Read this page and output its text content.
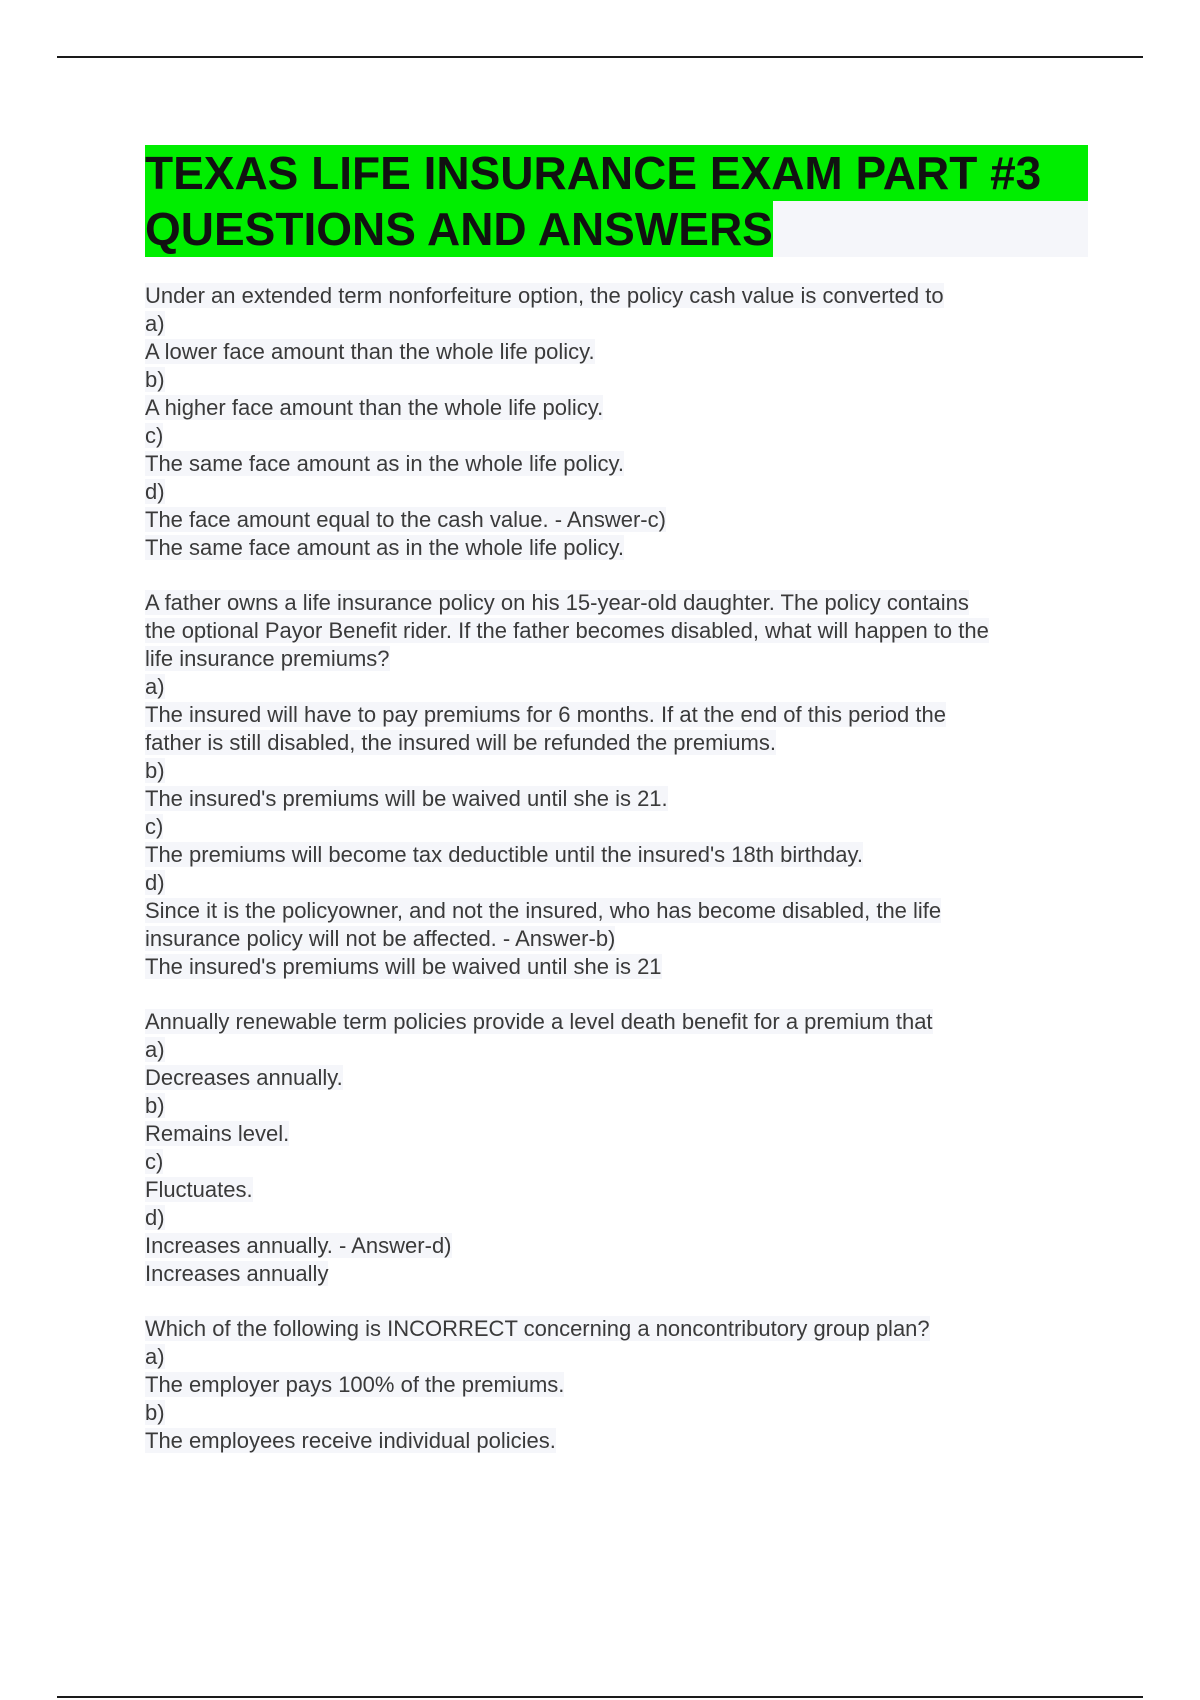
TEXAS LIFE INSURANCE EXAM PART #3
QUESTIONS AND ANSWERS
Under an extended term nonforfeiture option, the policy cash value is converted to
a)
A lower face amount than the whole life policy.
b)
A higher face amount than the whole life policy.
c)
The same face amount as in the whole life policy.
d)
The face amount equal to the cash value. - Answer-c)
The same face amount as in the whole life policy.
A father owns a life insurance policy on his 15-year-old daughter. The policy contains
the optional Payor Benefit rider. If the father becomes disabled, what will happen to the
life insurance premiums?
a)
The insured will have to pay premiums for 6 months. If at the end of this period the
father is still disabled, the insured will be refunded the premiums.
b)
The insured's premiums will be waived until she is 21.
c)
The premiums will become tax deductible until the insured's 18th birthday.
d)
Since it is the policyowner, and not the insured, who has become disabled, the life
insurance policy will not be affected. - Answer-b)
The insured's premiums will be waived until she is 21
Annually renewable term policies provide a level death benefit for a premium that
a)
Decreases annually.
b)
Remains level.
c)
Fluctuates.
d)
Increases annually. - Answer-d)
Increases annually
Which of the following is INCORRECT concerning a noncontributory group plan?
a)
The employer pays 100% of the premiums.
b)
The employees receive individual policies.
